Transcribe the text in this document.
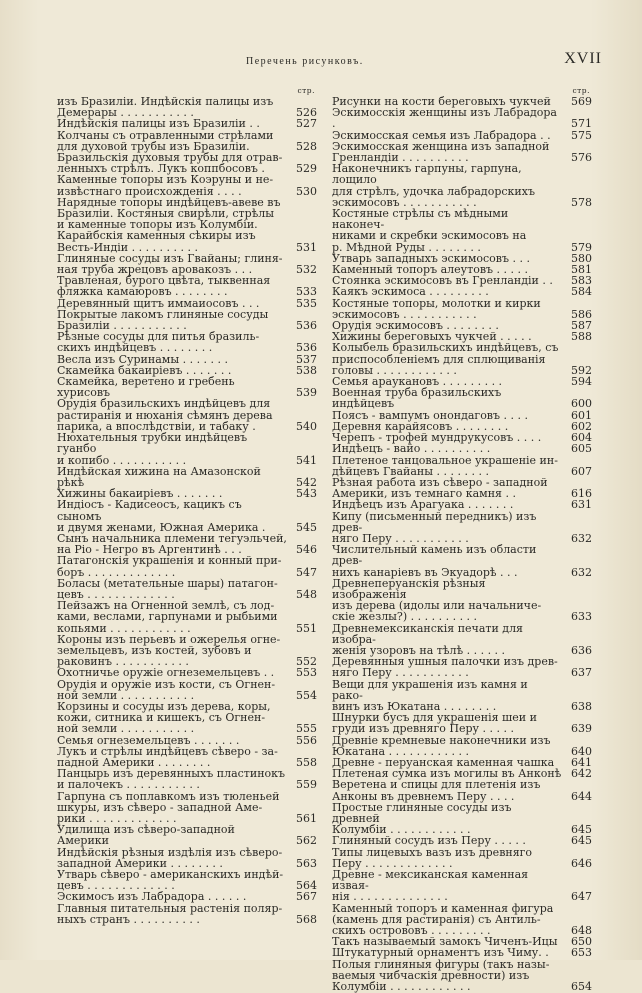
Перечень рисунковъ.	XVII
стр.
изъ Бразиліи. Индѣйскія палицы изъ
Демерары . . . . . . . . . . .	526
Индѣйскія палицы изъ Бразиліи . .	527
Колчаны съ отравленными стрѣлами
для духовой трубы изъ Бразиліи.	528
Бразильскія духовыя трубы для отрав-
ленныхъ стрѣлъ. Лукъ коппбосовъ .	529
Каменные топоры изъ Коэруны и не-
извѣстнаго происхожденія . . . .	530
Нарядные топоры индѣйцевъ-авеве въ
Бразиліи. Костяныя свирѣли, стрѣлы
и каменные топоры изъ Колумбіи.
Карайбскія каменныя сѣкиры изъ
Весть-Индіи . . . . . . . . . .	531
Глиняные сосуды изъ Гвайаны; глиня-
ная труба жрецовъ аровакозъ . . .	532
Травленая, бурого цвѣта, тыквенная
фляжка камаюровъ . . . . . . . .	533
Деревянный щитъ иммаиосовъ . . .	535
Покрытые лакомъ глиняные сосуды
Бразиліи . . . . . . . . . . .	536
Рѣзные сосуды для питья бразиль-
скихъ индѣйцевъ . . . . . . . .	536
Весла изъ Суринамы . . . . . . .	537
Скамейка бакаиріевъ . . . . . . .	538
Скамейка, веретено и гребень хурисовъ	539
Орудія бразильскихъ индѣйцевъ для
растиранія и нюханія сѣмянъ дерева
парика, а впослѣдствіи, и табаку .	540
Нюхательныя трубки индѣйцевъ гуанбо
и копибо . . . . . . . . . . .	541
Индѣйская хижина на Амазонской рѣкѣ	542
Хижины бакаиріевъ . . . . . . .	543
Индіосъ - Кадисеосъ, кацикъ съ сыномъ
и двумя женами, Южная Америка .	545
Сынъ начальника племени тегуэльчей,
на Ріо - Негро въ Аргентинѣ . . .	546
Патагонскія украшенія и конный при-
боръ . . . . . . . . . . . . .	547
Боласы (метательные шары) патагон-
цевъ . . . . . . . . . . . . .	548
Пейзажъ на Огненной землѣ, съ лод-
ками, веслами, гарпунами и рыбьими
копьями . . . . . . . . . . . .	551
Короны изъ перьевъ и ожерелья огне-
земельцевъ, изъ костей, зубовъ и
раковинъ . . . . . . . . . . .	552
Охотничье оружіе огнеземельцевъ . .	553
Орудія и оружіе изъ кости, съ Огнен-
ной земли . . . . . . . . . . .	554
Корзины и сосуды изъ дерева, коры,
кожи, ситника и кишекъ, съ Огнен-
ной земли . . . . . . . . . . .	555
Семья огнеземельцевъ . . . . . . .	556
Лукъ и стрѣлы индѣйцевъ сѣверо - за-
падной Америки . . . . . . . .	558
Панцырь изъ деревянныхъ пластинокъ
и палочекъ . . . . . . . . . . .	559
Гарпуна съ поплавкомъ изъ тюленьей
шкуры, изъ сѣверо - западной Аме-
рики . . . . . . . . . . . . .	561
Удилища изъ сѣверо-западной Америки	562
Индѣйскія рѣзныя издѣлія изъ сѣверо-
западной Америки . . . . . . . .	563
Утварь сѣверо - американскихъ индѣй-
цевъ . . . . . . . . . . . . .	564
Эскимосъ изъ Лабрадора . . . . . .	567
Главныя питательныя растенія поляр-
ныхъ странъ . . . . . . . . . .	568
стр.
Рисунки на кости береговыхъ чукчей	569
Эскимосскія женщины изъ Лабрадора .	571
Эскимосская семья изъ Лабрадора . .	575
Эскимосская женщина изъ западной
Гренландіи . . . . . . . . . .	576
Наконечникъ гарпуны, гарпуна, лощило
для стрѣлъ, удочка лабрадорскихъ
эскимосовъ . . . . . . . . . . .	578
Костяные стрѣлы съ мѣдными наконеч-
никами и скребки эскимосовъ на
р. Мѣдной Руды . . . . . . . .	579
Утварь западныхъ эскимосовъ . . .	580
Каменный топоръ алеутовъ . . . . .	581
Стоянка эскимосовъ въ Гренландіи . .	583
Каякъ эскимоса . . . . . . . . .	584
Костяные топоры, молотки и кирки
эскимосовъ . . . . . . . . . . .	586
Орудія эскимосовъ . . . . . . . .	587
Хижины береговыхъ чукчей . . . . .	588
Колыбель бразильскихъ индѣйцевъ, съ
приспособленіемъ для сплющиванія
головы . . . . . . . . . . . .	592
Семья араукановъ . . . . . . . . .	594
Военная труба бразильскихъ индѣйцевъ	600
Поясъ - вампумъ онондаговъ . . . .	601
Деревня карайясовъ . . . . . . . .	602
Черепъ - трофей мундрукусовъ . . . .	604
Индѣецъ - вайо . . . . . . . . . .	605
Плетеное танцовальное украшеніе ин-
дѣйцевъ Гвайаны . . . . . . . .	607
Рѣзная работа изъ сѣверо - западной
Америки, изъ темнаго камня . .	616
Индѣецъ изъ Арагуака . . . . . . .	631
Кипу (письменный передникъ) изъ древ-
няго Перу . . . . . . . . . . .	632
Числительный камень изъ области древ-
нихъ канаріевъ въ Экуадорѣ . . .	632
Древнеперуанскія рѣзныя изображенія
изъ дерева (идолы или начальниче-
скіе жезлы?) . . . . . . . . . .	633
Древнемексиканскія печати для изобра-
женія узоровъ на тѣлѣ . . . . . .	636
Деревянныя ушныя палочки изъ древ-
няго Перу . . . . . . . . . . .	637
Вещи для украшенія изъ камня и рако-
винъ изъ Юкатана . . . . . . . .	638
Шнурки бусъ для украшенія шеи и
груди изъ древняго Перу . . . . .	639
Древніе кремневые наконечники изъ
Юкатана . . . . . . . . . . . .	640
Древне - перуанская каменная чашка	641
Плетеная сумка изъ могилы въ Анконѣ 642
Веретена и спицы для плетенія изъ
Анконы въ древнемъ Перу . . . .	644
Простые глиняные сосуды изъ древней
Колумбіи . . . . . . . . . . . .	645
Глиняный сосудъ изъ Перу . . . . .	645
Типы лицевыхъ вазъ изъ древняго
Перу . . . . . . . . . . . . .	646
Древне - мексиканская каменная извая-
нія . . . . . . . . . . . . . .	647
Каменный топоръ и каменная фигура
(камень для растиранія) съ Антиль-
скихъ острововъ . . . . . . . . .	648
Такъ называемый замокъ Чиченъ-Ицы	650
Штукатурный орнаментъ изъ Чиму. .	653
Полыя глиняныя фигуры (такъ назы-
ваемыя чибчаскія древности) изъ
Колумбіи . . . . . . . . . . . .	654
